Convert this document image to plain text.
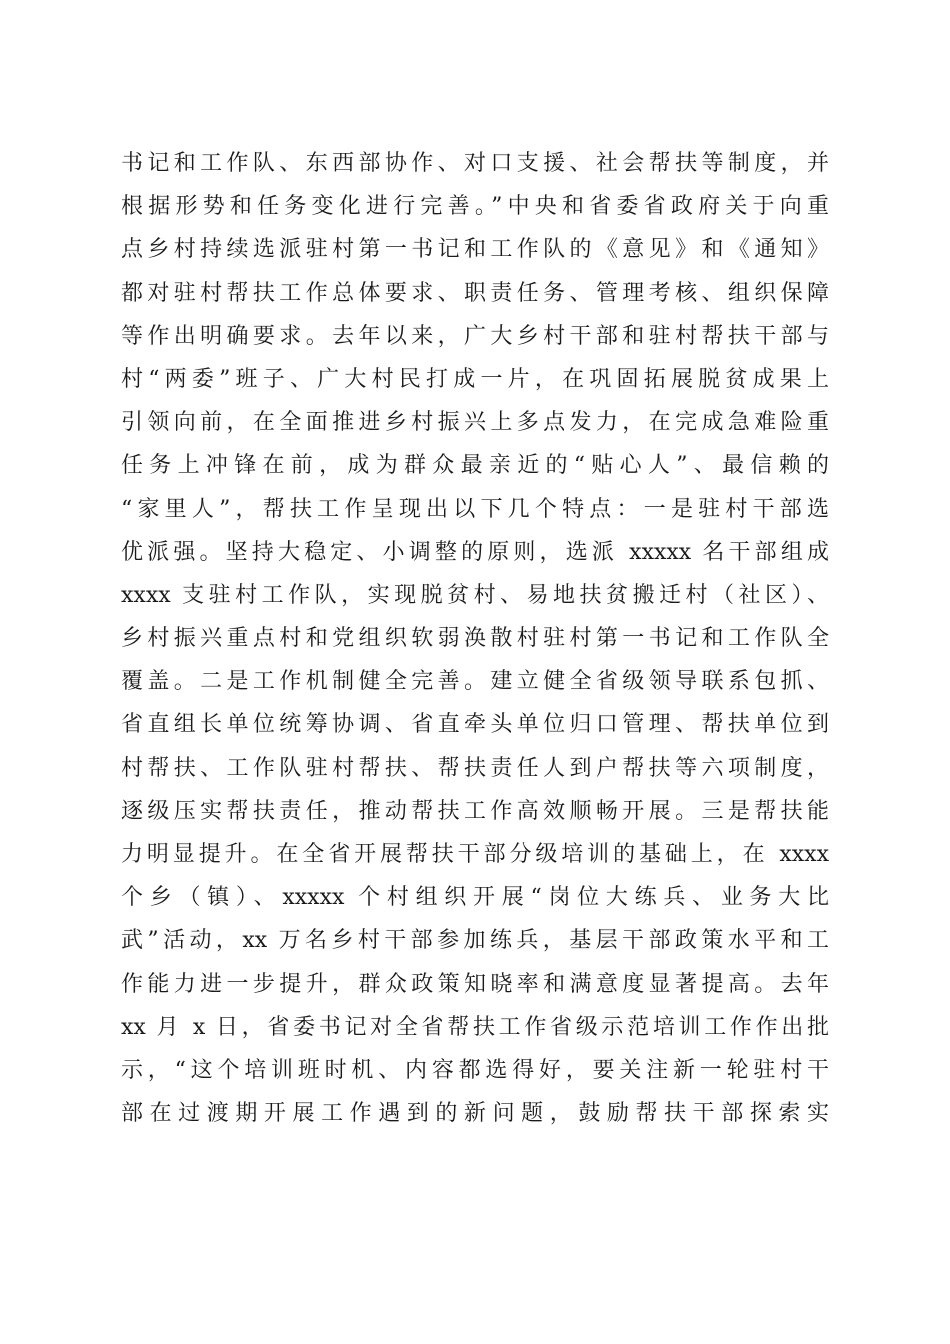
书记和工作队、东西部协作、对口支援、社会帮扶等制度，并
根据形势和任务变化进行完善。”中央和省委省政府关于向重
点乡村持续选派驻村第一书记和工作队的《意见》和《通知》
都对驻村帮扶工作总体要求、职责任务、管理考核、组织保障
等作出明确要求。去年以来，广大乡村干部和驻村帮扶干部与
村“两委”班子、广大村民打成一片，在巩固拓展脱贫成果上
引领向前，在全面推进乡村振兴上多点发力，在完成急难险重
任务上冲锋在前，成为群众最亲近的“贴心人”、最信赖的
“家里人”，帮扶工作呈现出以下几个特点：一是驻村干部选
优派强。坚持大稳定、小调整的原则，选派 xxxxx 名干部组成
xxxx 支驻村工作队，实现脱贫村、易地扶贫搬迁村（社区）、
乡村振兴重点村和党组织软弱涣散村驻村第一书记和工作队全
覆盖。二是工作机制健全完善。建立健全省级领导联系包抓、
省直组长单位统筹协调、省直牵头单位归口管理、帮扶单位到
村帮扶、工作队驻村帮扶、帮扶责任人到户帮扶等六项制度，
逐级压实帮扶责任，推动帮扶工作高效顺畅开展。三是帮扶能
力明显提升。在全省开展帮扶干部分级培训的基础上，在 xxxx
个乡（镇）、xxxxx 个村组织开展“岗位大练兵、业务大比
武”活动，xx 万名乡村干部参加练兵，基层干部政策水平和工
作能力进一步提升，群众政策知晓率和满意度显著提高。去年
xx 月 x 日，省委书记对全省帮扶工作省级示范培训工作作出批
示，“这个培训班时机、内容都选得好，要关注新一轮驻村干
部在过渡期开展工作遇到的新问题，鼓励帮扶干部探索实
